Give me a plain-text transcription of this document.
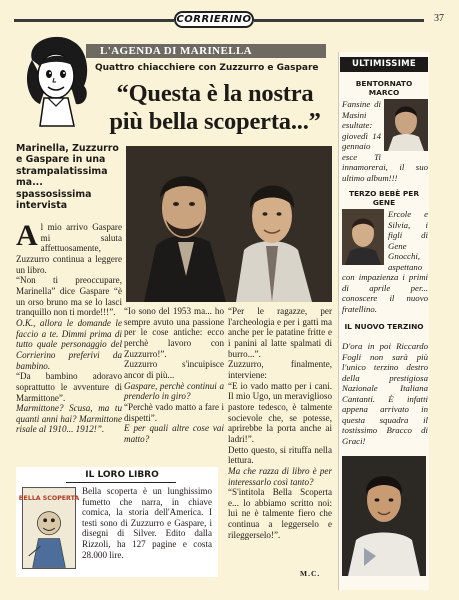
CORRIERINO	37
L'AGENDA DI MARINELLA
Quattro chiacchiere con Zuzzurro e Gaspare
“Questa è la nostra
più bella scoperta...”
Marinella, Zuzzurro e Gaspare in una strampalatissima ma... spassosissima intervista
A l mio arrivo Gaspare mi saluta affettuosamente, Zuzzurro continua a leggere un libro.

“Non ti preoccupare, Marinella” dice Gaspare “è un orso bruno ma se lo lasci tranquillo non ti morde!!!”.

O.K., allora le domande le faccio a te. Dimmi prima di tutto quale personaggio del Corrierino preferivi da bambino.

“Da bambino adoravo soprattutto le avventure di Marmittone”.

Marmittone? Scusa, ma tu quanti anni hai? Marmittone risale al 1910... 1912!”.

“Io sono del 1953 ma... ho sempre avuto una passione per le cose antiche: ecco perchè lavoro con Zuzzurro!”.

Zuzzurro s'incuipisce ancor di più...

Gaspare, perchè continui a prenderlo in giro?

“Perchè vado matto a fare i dispetti”.

E per quali altre cose vai matto?

“Per le ragazze, per l'archeologia e per i gatti ma anche per le patatine fritte e i panini al latte spalmati di burro...”.

Zuzzurro, finalmente, interviene:

“E io vado matto per i cani. Il mio Ugo, un meraviglioso pastore tedesco, è talmente socievole che, se potesse, aprirebbe la porta anche ai ladri!”.

Detto questo, si rituffa nella lettura.

Ma che razza di libro è per interessarlo così tanto?

“S'intitola Bella Scoperta e... lo abbiamo scritto noi: lui ne è talmente fiero che continua a leggerselo e rileggerselo!”.

M.C.
IL LORO LIBRO
BELLA SCOPERTA
Bella scoperta è un lunghissimo fumetto che narra, in chiave comica, la storia dell'America. I testi sono di Zuzzurro e Gaspare, i disegni di Silver. Edito dalla Rizzoli, ha 127 pagine e costa 28.000 lire.
ULTIMISSIME
BENTORNATO MARCO
Fansine di Masini esultate: giovedì 14 gennaio esce Ti innamorerai, il suo ultimo album!!!
TERZO BEBÈ PER GENE
Ercole e Silvia, i figli di Gene Gnocchi, aspettano con impazienza i primi di aprile per... conoscere il nuovo fratellino.
IL NUOVO TERZINO
D'ora in poi Riccardo Fogli non sarà più l'unico terzino destro della prestigiosa Nazionale Italiana Cantanti. È infatti appena arrivato in questa squadra il tostissimo Bracco di Graci!
